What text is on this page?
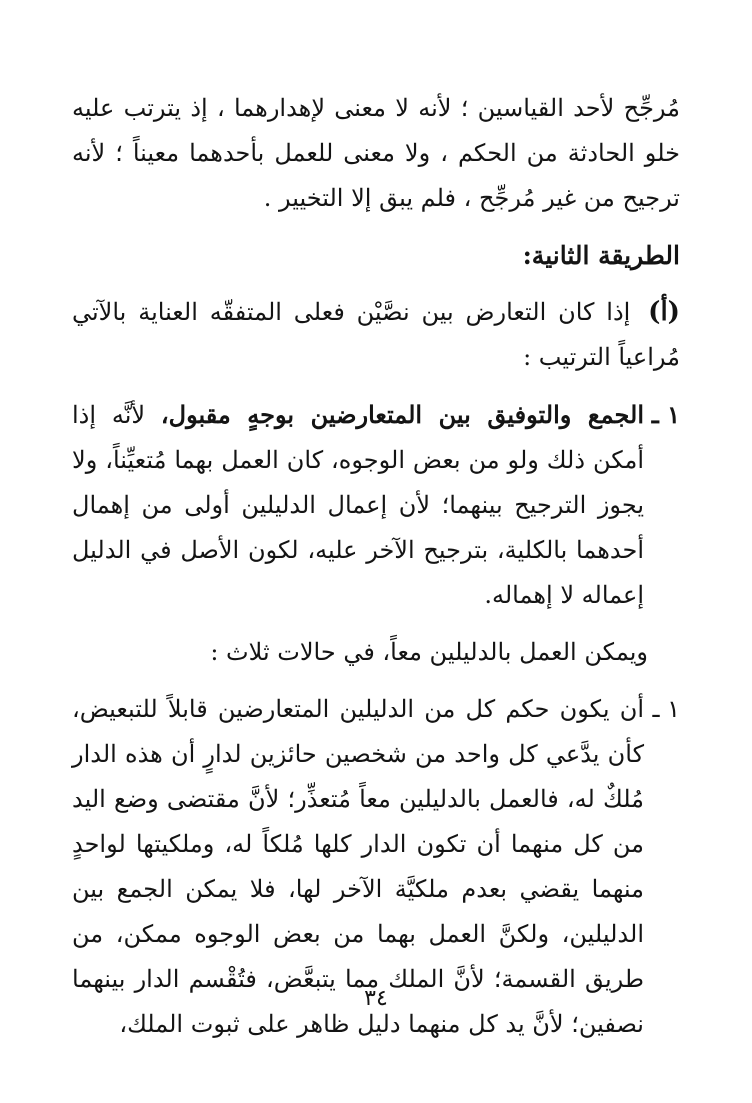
مُرجِّح لأحد القياسين ؛ لأنه لا معنى لإهدارهما ، إذ يترتب عليه خلو الحادثة من الحكم ، ولا معنى للعمل بأحدهما معيناً ؛ لأنه ترجيح من غير مُرجِّح ، فلم يبق إلا التخيير .

الطريقة الثانية:

(أ) إذا كان التعارض بين نصَّيْن فعلى المتفقّه العناية بالآتي مُراعياً الترتيب :

١ ـ
الجمع والتوفيق بين المتعارضين بوجهٍ مقبول، لأنَّه إذا أمكن ذلك ولو من بعض الوجوه، كان العمل بهما مُتعيِّناً، ولا يجوز الترجيح بينهما؛ لأن إعمال الدليلين أولى من إهمال أحدهما بالكلية، بترجيح الآخر عليه، لكون الأصل في الدليل إعماله لا إهماله.

ويمكن العمل بالدليلين معاً، في حالات ثلاث :

١ ـ
أن يكون حكم كل من الدليلين المتعارضين قابلاً للتبعيض، كأن يدَّعي كل واحد من شخصين حائزين لدارٍ أن هذه الدار مُلكٌ له، فالعمل بالدليلين معاً مُتعذِّر؛ لأنَّ مقتضى وضع اليد من كل منهما أن تكون الدار كلها مُلكاً له، وملكيتها لواحدٍ منهما يقضي بعدم ملكيَّة الآخر لها، فلا يمكن الجمع بين الدليلين، ولكنَّ العمل بهما من بعض الوجوه ممكن، من طريق القسمة؛ لأنَّ الملك مما يتبعَّض، فتُقْسم الدار بينهما نصفين؛ لأنَّ يد كل منهما دليل ظاهر على ثبوت الملك،
٣٤
